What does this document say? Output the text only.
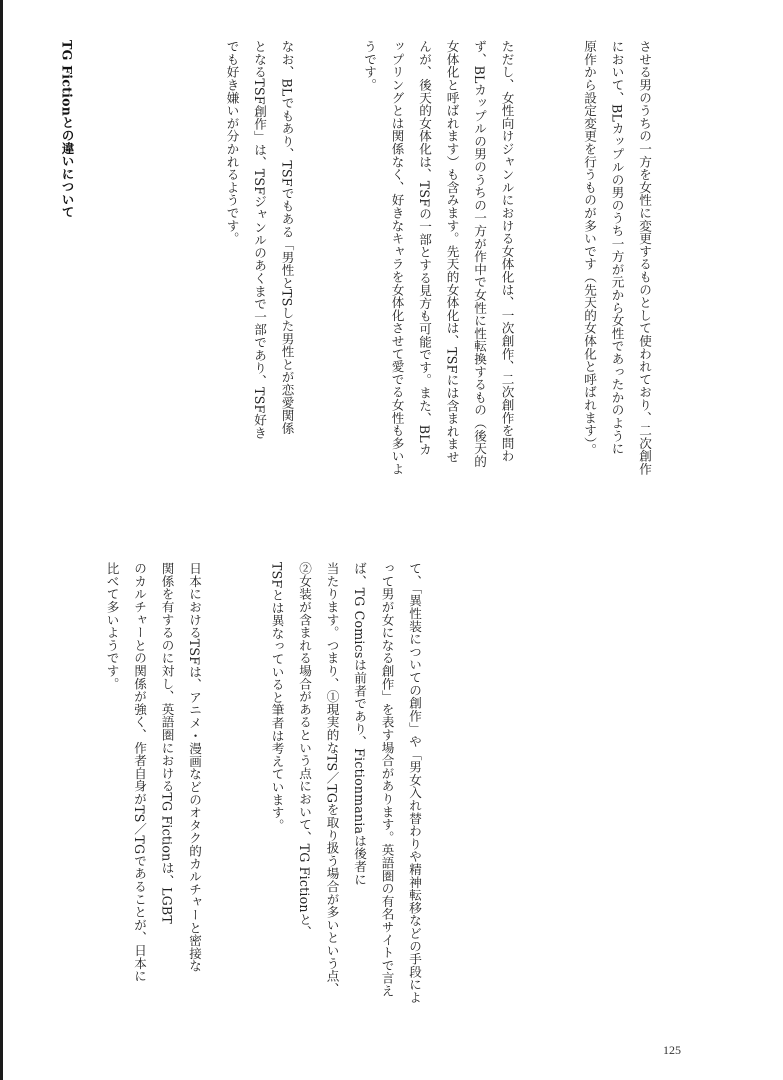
させる男のうちの一方を女性に変更するものとして使われており、二次創作
において、BLカップルの男のうち一方が元から女性であったかのように
原作から設定変更を行うものが多いです（先天的女体化と呼ばれます）。

ただし、女性向けジャンルにおける女体化は、一次創作、二次創作を問わ
ず、BLカップルの男のうちの一方が作中で女性に性転換するもの（後天的
女体化と呼ばれます）も含みます。先天的女体化は、TSFには含まれませ
んが、後天的女体化は、TSFの一部とする見方も可能です。また、BLカ
ップリングとは関係なく、好きなキャラを女体化させて愛でる女性も多いよ
うです。

なお、BLでもあり、TSFでもある「男性とTSした男性とが恋愛関係
となるTSF創作」は、TSFジャンルのあくまで一部であり、TSF好き
でも好き嫌いが分かれるようです。

TG Fictionとの違いについて

て、「異性装についての創作」や「男女入れ替わりや精神転移などの手段によ
って男が女になる創作」を表す場合があります。英語圏の有名サイトで言え
ば、TG Comicsは前者であり、Fictionmaniaは後者に
当たります。つまり、①現実的なTS／TGを取り扱う場合が多いという点、
②女装が含まれる場合があるという点において、TG Fictionと、
TSFとは異なっていると筆者は考えています。

日本におけるTSFは、アニメ・漫画などのオタク的カルチャーと密接な
関係を有するのに対し、英語圏におけるTG Fictionは、LGBT
のカルチャーとの関係が強く、作者自身がTS／TGであることが、日本に
比べて多いようです。

125
